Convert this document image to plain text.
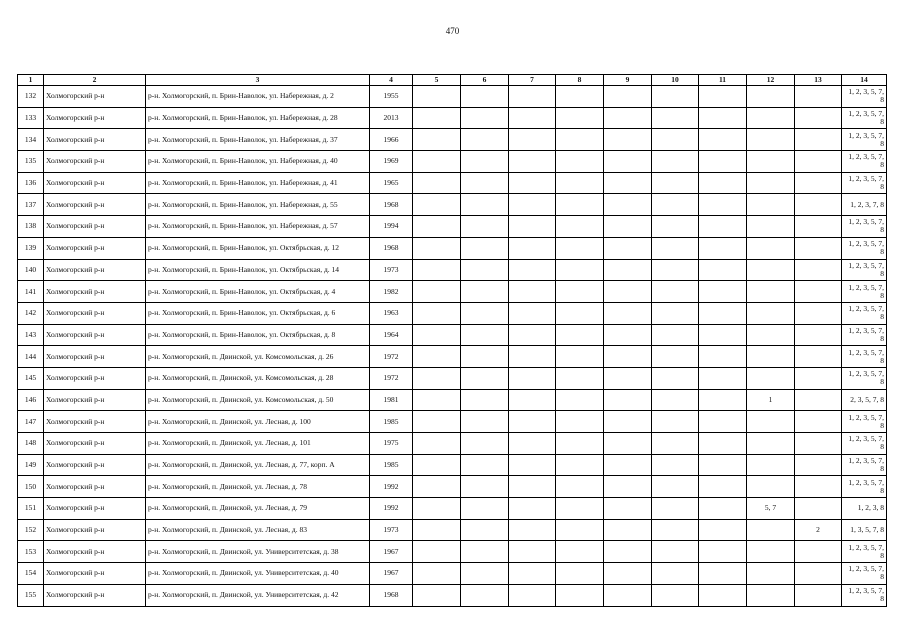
470
1	2	3	4	5	6	7	8	9	10	11	12	13	14
132	Холмогорский р-н	р-н. Холмогорский, п. Брин-Наволок, ул. Набережная, д. 2	1955										1, 2, 3, 5, 7, 8
133	Холмогорский р-н	р-н. Холмогорский, п. Брин-Наволок, ул. Набережная, д. 28	2013										1, 2, 3, 5, 7, 8
134	Холмогорский р-н	р-н. Холмогорский, п. Брин-Наволок, ул. Набережная, д. 37	1966										1, 2, 3, 5, 7, 8
135	Холмогорский р-н	р-н. Холмогорский, п. Брин-Наволок, ул. Набережная, д. 40	1969										1, 2, 3, 5, 7, 8
136	Холмогорский р-н	р-н. Холмогорский, п. Брин-Наволок, ул. Набережная, д. 41	1965										1, 2, 3, 5, 7, 8
137	Холмогорский р-н	р-н. Холмогорский, п. Брин-Наволок, ул. Набережная, д. 55	1968										1, 2, 3, 7, 8
138	Холмогорский р-н	р-н. Холмогорский, п. Брин-Наволок, ул. Набережная, д. 57	1994										1, 2, 3, 5, 7, 8
139	Холмогорский р-н	р-н. Холмогорский, п. Брин-Наволок, ул. Октябрьская, д. 12	1968										1, 2, 3, 5, 7, 8
140	Холмогорский р-н	р-н. Холмогорский, п. Брин-Наволок, ул. Октябрьская, д. 14	1973										1, 2, 3, 5, 7, 8
141	Холмогорский р-н	р-н. Холмогорский, п. Брин-Наволок, ул. Октябрьская, д. 4	1982										1, 2, 3, 5, 7, 8
142	Холмогорский р-н	р-н. Холмогорский, п. Брин-Наволок, ул. Октябрьская, д. 6	1963										1, 2, 3, 5, 7, 8
143	Холмогорский р-н	р-н. Холмогорский, п. Брин-Наволок, ул. Октябрьская, д. 8	1964										1, 2, 3, 5, 7, 8
144	Холмогорский р-н	р-н. Холмогорский, п. Двинской, ул. Комсомольская, д. 26	1972										1, 2, 3, 5, 7, 8
145	Холмогорский р-н	р-н. Холмогорский, п. Двинской, ул. Комсомольская, д. 28	1972										1, 2, 3, 5, 7, 8
146	Холмогорский р-н	р-н. Холмогорский, п. Двинской, ул. Комсомольская, д. 50	1981								1		2, 3, 5, 7, 8
147	Холмогорский р-н	р-н. Холмогорский, п. Двинской, ул. Лесная, д. 100	1985										1, 2, 3, 5, 7, 8
148	Холмогорский р-н	р-н. Холмогорский, п. Двинской, ул. Лесная, д. 101	1975										1, 2, 3, 5, 7, 8
149	Холмогорский р-н	р-н. Холмогорский, п. Двинской, ул. Лесная, д. 77, корп. А	1985										1, 2, 3, 5, 7, 8
150	Холмогорский р-н	р-н. Холмогорский, п. Двинской, ул. Лесная, д. 78	1992										1, 2, 3, 5, 7, 8
151	Холмогорский р-н	р-н. Холмогорский, п. Двинской, ул. Лесная, д. 79	1992								5, 7		1, 2, 3, 8
152	Холмогорский р-н	р-н. Холмогорский, п. Двинской, ул. Лесная, д. 83	1973									2	1, 3, 5, 7, 8
153	Холмогорский р-н	р-н. Холмогорский, п. Двинской, ул. Университетская, д. 38	1967										1, 2, 3, 5, 7, 8
154	Холмогорский р-н	р-н. Холмогорский, п. Двинской, ул. Университетская, д. 40	1967										1, 2, 3, 5, 7, 8
155	Холмогорский р-н	р-н. Холмогорский, п. Двинской, ул. Университетская, д. 42	1968										1, 2, 3, 5, 7, 8
